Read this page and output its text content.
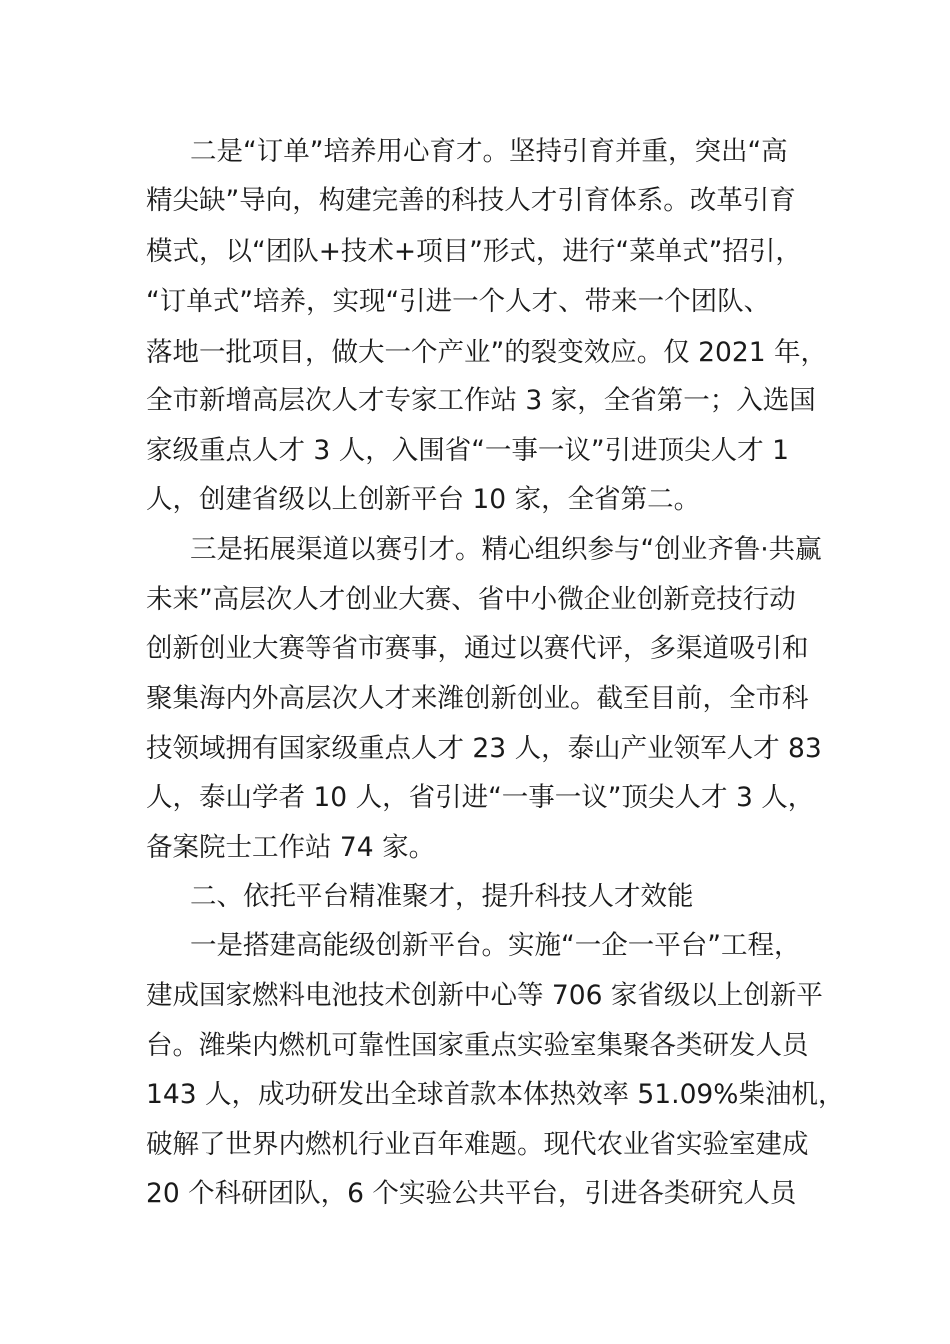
二是“订单”培养用心育才。坚持引育并重，突出“高
精尖缺”导向，构建完善的科技人才引育体系。改革引育
模式，以“团队+技术+项目”形式，进行“菜单式”招引，
“订单式”培养，实现“引进一个人才、带来一个团队、
落地一批项目，做大一个产业”的裂变效应。仅 2021 年，
全市新增高层次人才专家工作站 3 家，全省第一；入选国
家级重点人才 3 人，入围省“一事一议”引进顶尖人才 1
人，创建省级以上创新平台 10 家，全省第二。
三是拓展渠道以赛引才。精心组织参与“创业齐鲁·共赢
未来”高层次人才创业大赛、省中小微企业创新竞技行动
创新创业大赛等省市赛事，通过以赛代评，多渠道吸引和
聚集海内外高层次人才来潍创新创业。截至目前，全市科
技领域拥有国家级重点人才 23 人，泰山产业领军人才 83
人，泰山学者 10 人，省引进“一事一议”顶尖人才 3 人，
备案院士工作站 74 家。
二、依托平台精准聚才，提升科技人才效能
一是搭建高能级创新平台。实施“一企一平台”工程，
建成国家燃料电池技术创新中心等 706 家省级以上创新平
台。潍柴内燃机可靠性国家重点实验室集聚各类研发人员
143 人，成功研发出全球首款本体热效率 51.09%柴油机，
破解了世界内燃机行业百年难题。现代农业省实验室建成
20 个科研团队，6 个实验公共平台，引进各类研究人员
